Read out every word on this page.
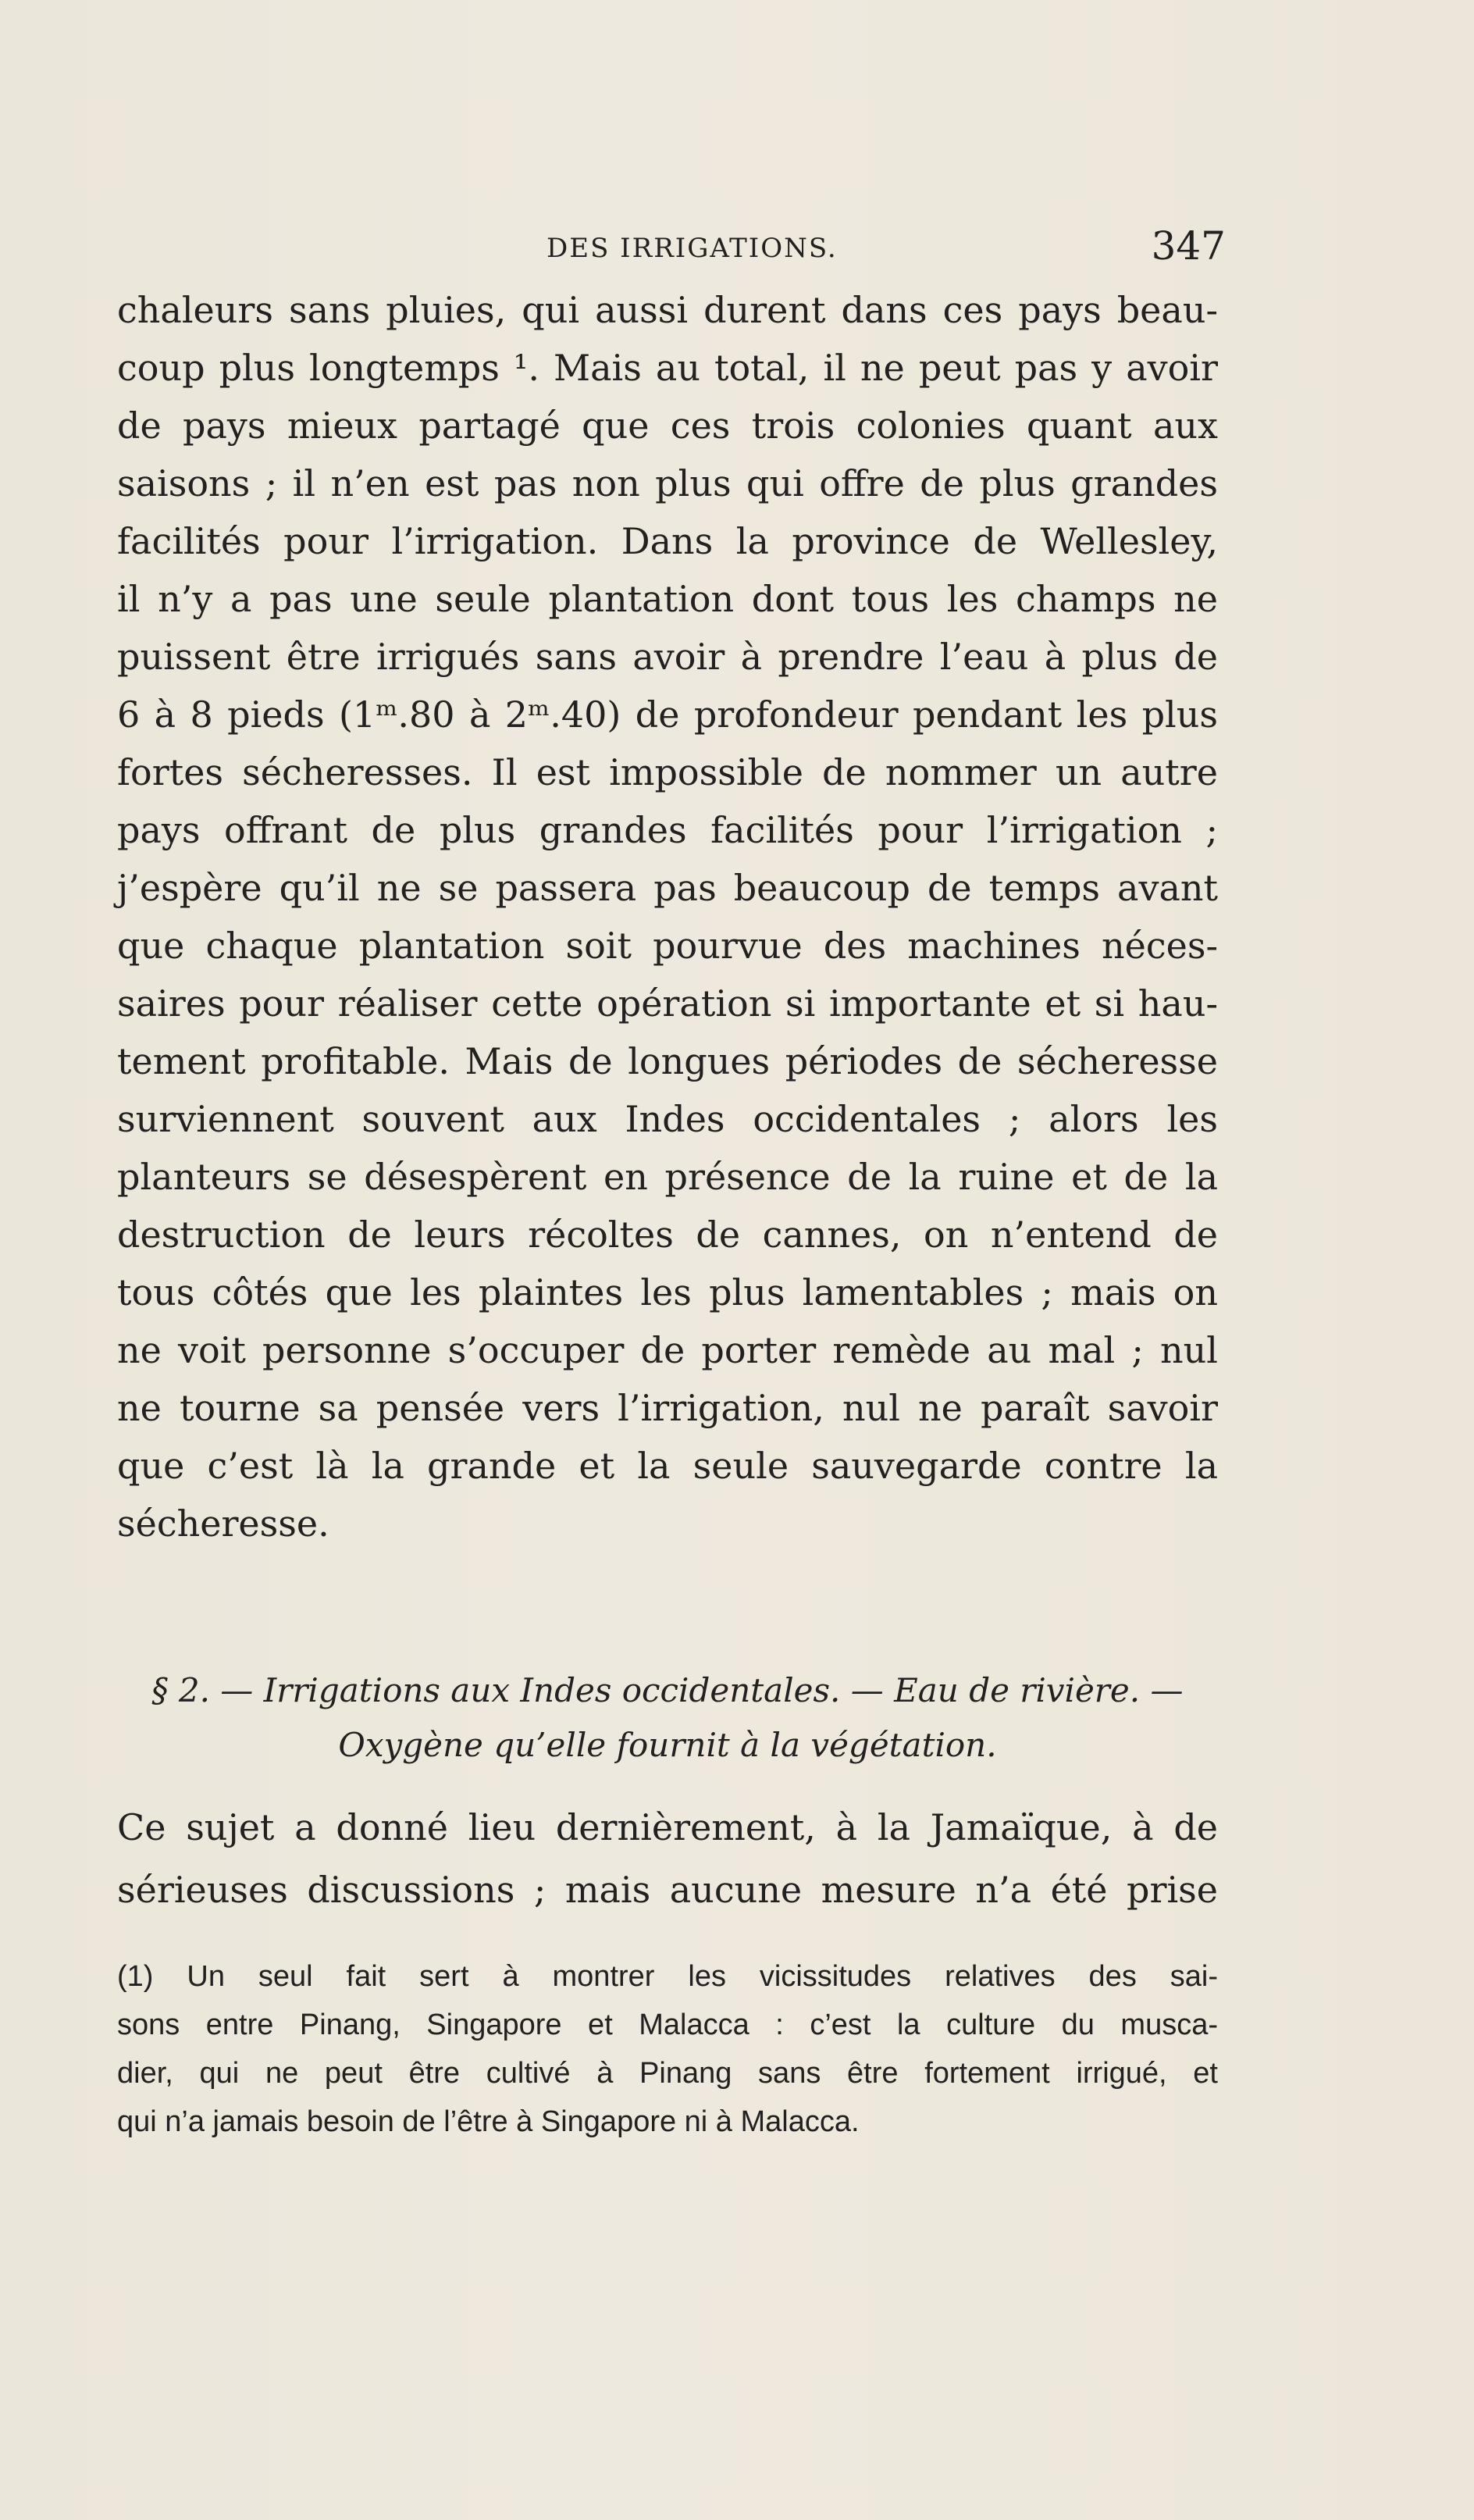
DES IRRIGATIONS.	347
chaleurs sans pluies, qui aussi durent dans ces pays beau-
coup plus longtemps ¹. Mais au total, il ne peut pas y avoir
de pays mieux partagé que ces trois colonies quant aux
saisons ; il n’en est pas non plus qui offre de plus grandes
facilités pour l’irrigation. Dans la province de Wellesley,
il n’y a pas une seule plantation dont tous les champs ne
puissent être irrigués sans avoir à prendre l’eau à plus de
6 à 8 pieds (1ᵐ.80 à 2ᵐ.40) de profondeur pendant les plus
fortes sécheresses. Il est impossible de nommer un autre
pays offrant de plus grandes facilités pour l’irrigation ;
j’espère qu’il ne se passera pas beaucoup de temps avant
que chaque plantation soit pourvue des machines néces-
saires pour réaliser cette opération si importante et si hau-
tement profitable. Mais de longues périodes de sécheresse
surviennent souvent aux Indes occidentales ; alors les
planteurs se désespèrent en présence de la ruine et de la
destruction de leurs récoltes de cannes, on n’entend de
tous côtés que les plaintes les plus lamentables ; mais on
ne voit personne s’occuper de porter remède au mal ; nul
ne tourne sa pensée vers l’irrigation, nul ne paraît savoir
que c’est là la grande et la seule sauvegarde contre la
sécheresse.
§ 2. — Irrigations aux Indes occidentales. — Eau de rivière. —
Oxygène qu’elle fournit à la végétation.
Ce sujet a donné lieu dernièrement, à la Jamaïque, à de
sérieuses discussions ; mais aucune mesure n’a été prise
(1) Un seul fait sert à montrer les vicissitudes relatives des sai-
sons entre Pinang, Singapore et Malacca : c’est la culture du musca-
dier, qui ne peut être cultivé à Pinang sans être fortement irrigué, et
qui n’a jamais besoin de l’être à Singapore ni à Malacca.
